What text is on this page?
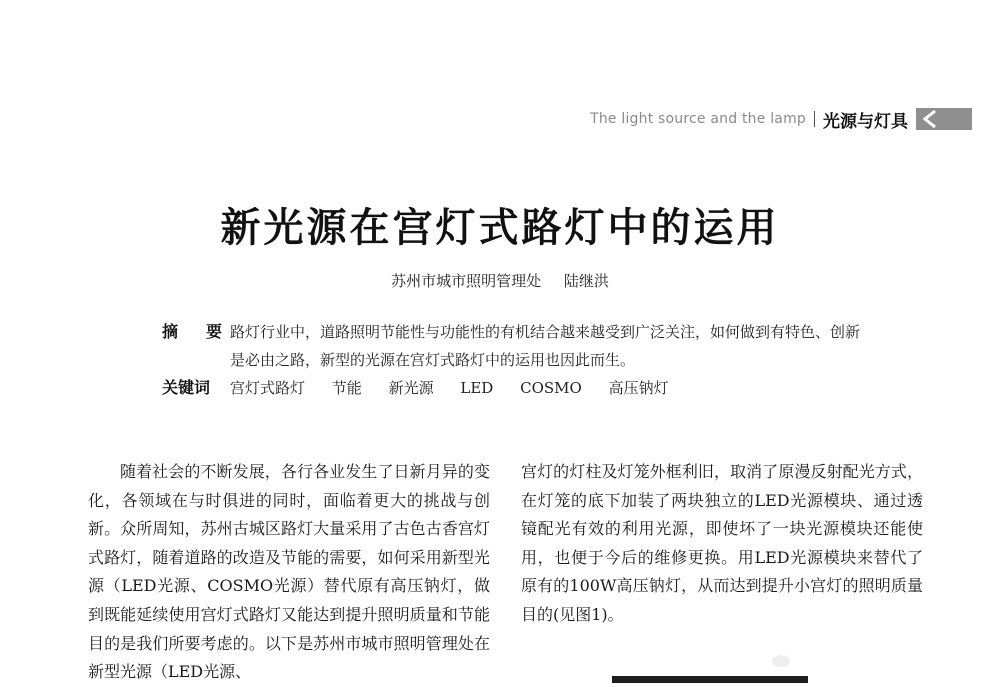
The light source and the lamp 光源与灯具
新光源在宫灯式路灯中的运用
苏州市城市照明管理处 陆继洪
摘　要 路灯行业中，道路照明节能性与功能性的有机结合越来越受到广泛关注，如何做到有特色、创新是必由之路，新型的光源在宫灯式路灯中的运用也因此而生。
关键词	宫灯式路灯 节能 新光源 LED COSMO 高压钠灯

随着社会的不断发展，各行各业发生了日新月异的变化，各领域在与时俱进的同时，面临着更大的挑战与创新。众所周知，苏州古城区路灯大量采用了古色古香宫灯式路灯，随着道路的改造及节能的需要，如何采用新型光源（LED光源、COSMO光源）替代原有高压钠灯，做到既能延续使用宫灯式路灯又能达到提升照明质量和节能目的是我们所要考虑的。以下是苏州市城市照明管理处在新型光源（LED光源、

宫灯的灯柱及灯笼外框利旧，取消了原漫反射配光方式，在灯笼的底下加装了两块独立的LED光源模块、通过透镜配光有效的利用光源，即使坏了一块光源模块还能使用，也便于今后的维修更换。用LED光源模块来替代了原有的100W高压钠灯，从而达到提升小宫灯的照明质量目的(见图1)。
